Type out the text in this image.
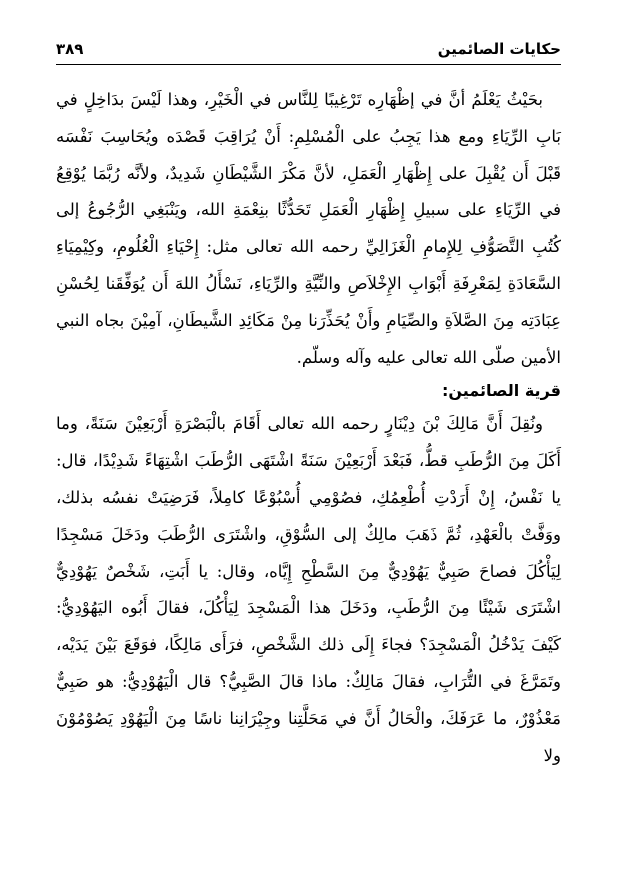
حكايات الصائمين
٣٨٩

بحَيْثُ يَعْلَمُ أنَّ في إظْهَارِه تَرْغِيبًا لِلنَّاس في الْخَيْرِ، وهذا لَيْسَ بدَاخِلٍ في بَابِ الرِّيَاءِ ومع هذا يَجِبُ على الْمُسْلِمِ: أَنْ يُرَاقِبَ قَصْدَه ويُحَاسِبَ نَفْسَه قَبْلَ أَن يُقْبِلَ على إِظْهَارِ الْعَمَلِ، لأنَّ مَكْرَ الشَّيْطَانِ شَدِيدٌ، ولأنَّه رُبَّمَا يُوْقِعُ في الرِّيَاءِ على سبيلِ إِظْهَارِ الْعَمَلِ تَحَدُّثًا بنِعْمَةِ الله، ويَنْبَغِي الرُّجُوعُ إلى كُتُبِ التَّصَوُّفِ لِلإِمامِ الْغَزَالِيِّ رحمه الله تعالى مثل: إِحْيَاءِ الْعُلُومِ، وكِيْمِيَاءِ السَّعَادَةِ لِمَعْرِفَةِ أَبْوَابِ الإِخْلاَصِ والنِّيَّةِ والرِّيَاءِ، نَسْأَلُ اللهَ أَن يُوَفِّقَنا لِحُسْنِ عِبَادَتِه مِنَ الصَّلاَةِ والصِّيَامِ وأَنْ يُحَذِّرَنا مِنْ مَكَائِدِ الشَّيطَانِ، آمِيْنَ بجاه النبي الأمين صلّى الله تعالى عليه وآله وسلّم.

قرية الصائمين:

ونُقِلَ أَنَّ مَالِكَ بْنَ دِيْنَارٍ رحمه الله تعالى أَقَامَ بالْبَصْرَةِ أَرْبَعِيْنَ سَنَةً، وما أَكَلَ مِنَ الرُّطَبِ قطُّ، فَبَعْدَ أَرْبَعِيْنَ سَنَةً اشْتَهَى الرُّطَبَ اشْتِهَاءً شَدِيْدًا، قال: يا نَفْسُ، إِنْ أَرَدْتِ أُطْعِمُكِ، فصُوْمِي أُسْبُوْعًا كامِلاً، فَرَضِيَتْ نفسُه بذلك، ووَفَّتْ بالْعَهْدِ، ثُمَّ ذَهَبَ مالِكٌ إلى السُّوْقِ، واشْتَرَى الرُّطَبَ ودَخَلَ مَسْجِدًا لِيَأْكُلَ فصاحَ صَبِيٌّ يَهُوْدِيٌّ مِنَ السَّطْحِ إِيَّاه، وقال: يا أَبَتِ، شَخْصٌ يَهُوْدِيٌّ اشْتَرَى شَيْئًا مِنَ الرُّطَبِ، ودَخَلَ هذا الْمَسْجِدَ لِيَأْكُلَ، فقالَ أَبُوه اليَهُوْدِيُّ: كَيْفَ يَدْخُلُ الْمَسْجِدَ؟ فجاءَ إِلَى ذلك الشَّخْصِ، فرَأَى مَالِكًا، فوَقَعَ بَيْنَ يَدَيْه، وتَمَرَّغَ في التُّرَابِ، فقالَ مَالِكٌ: ماذا قالَ الصَّبِيُّ؟ قال الْيَهُوْدِيُّ: هو صَبِيٌّ مَعْذُوْرٌ، ما عَرَفَكَ، والْحَالُ أَنَّ في مَحَلَّتِنا وجِيْرَانِنا ناسًا مِنَ الْيَهُوْدِ يَصُوْمُوْنَ ولا
